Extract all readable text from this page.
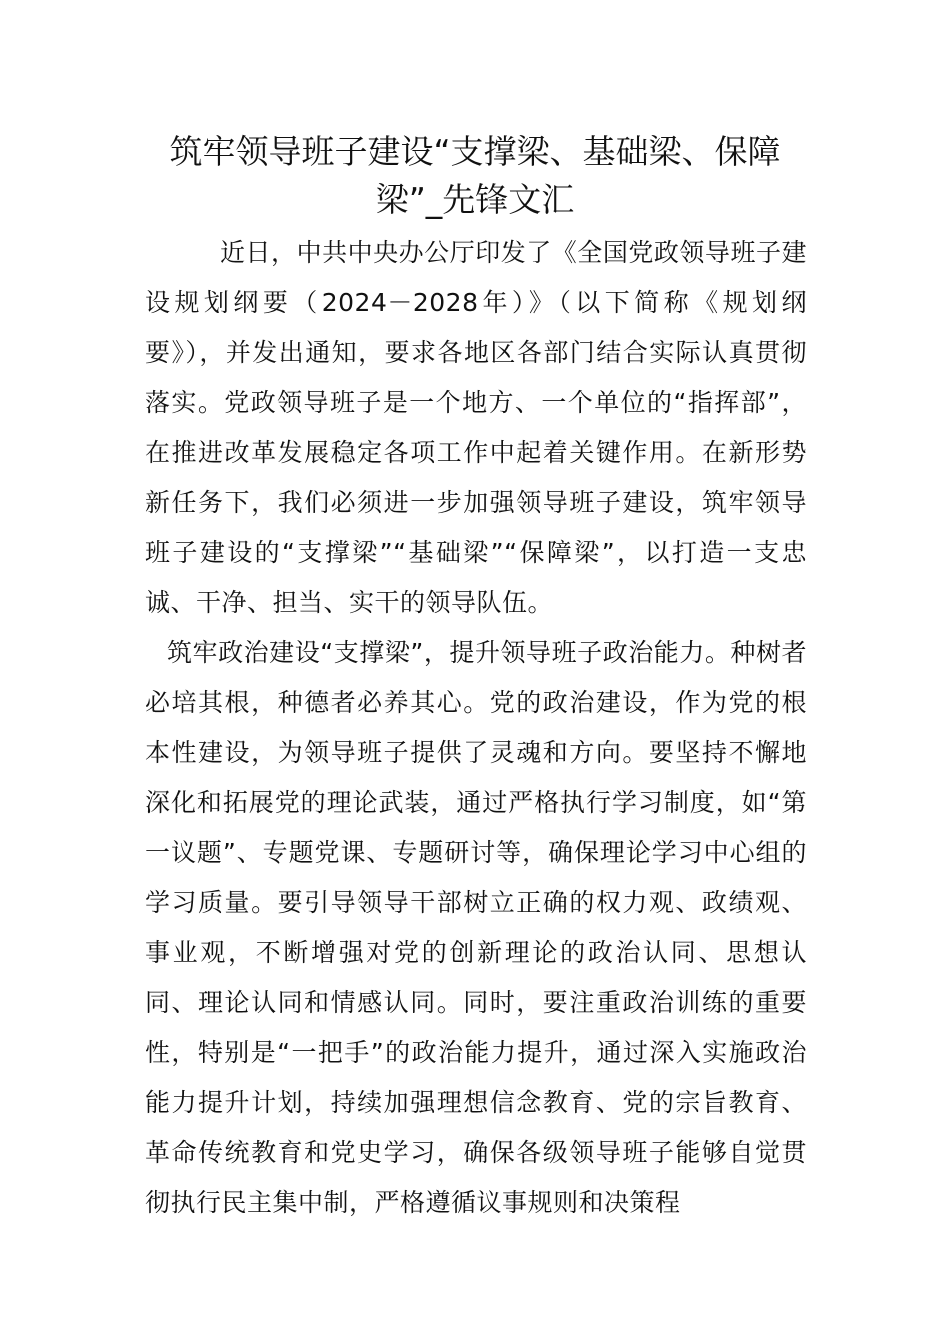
筑牢领导班子建设“支撑梁、基础梁、保障梁”_先锋文汇

近日，中共中央办公厅印发了《全国党政领导班子建设规划纲要（2024－2028年）》（以下简称《规划纲要》），并发出通知，要求各地区各部门结合实际认真贯彻落实。党政领导班子是一个地方、一个单位的“指挥部”，在推进改革发展稳定各项工作中起着关键作用。在新形势新任务下，我们必须进一步加强领导班子建设，筑牢领导班子建设的“支撑梁”“基础梁”“保障梁”，以打造一支忠诚、干净、担当、实干的领导队伍。

筑牢政治建设“支撑梁”，提升领导班子政治能力。种树者必培其根，种德者必养其心。党的政治建设，作为党的根本性建设，为领导班子提供了灵魂和方向。要坚持不懈地深化和拓展党的理论武装，通过严格执行学习制度，如“第一议题”、专题党课、专题研讨等，确保理论学习中心组的学习质量。要引导领导干部树立正确的权力观、政绩观、事业观，不断增强对党的创新理论的政治认同、思想认同、理论认同和情感认同。同时，要注重政治训练的重要性，特别是“一把手”的政治能力提升，通过深入实施政治能力提升计划，持续加强理想信念教育、党的宗旨教育、革命传统教育和党史学习，确保各级领导班子能够自觉贯彻执行民主集中制，严格遵循议事规则和决策程
